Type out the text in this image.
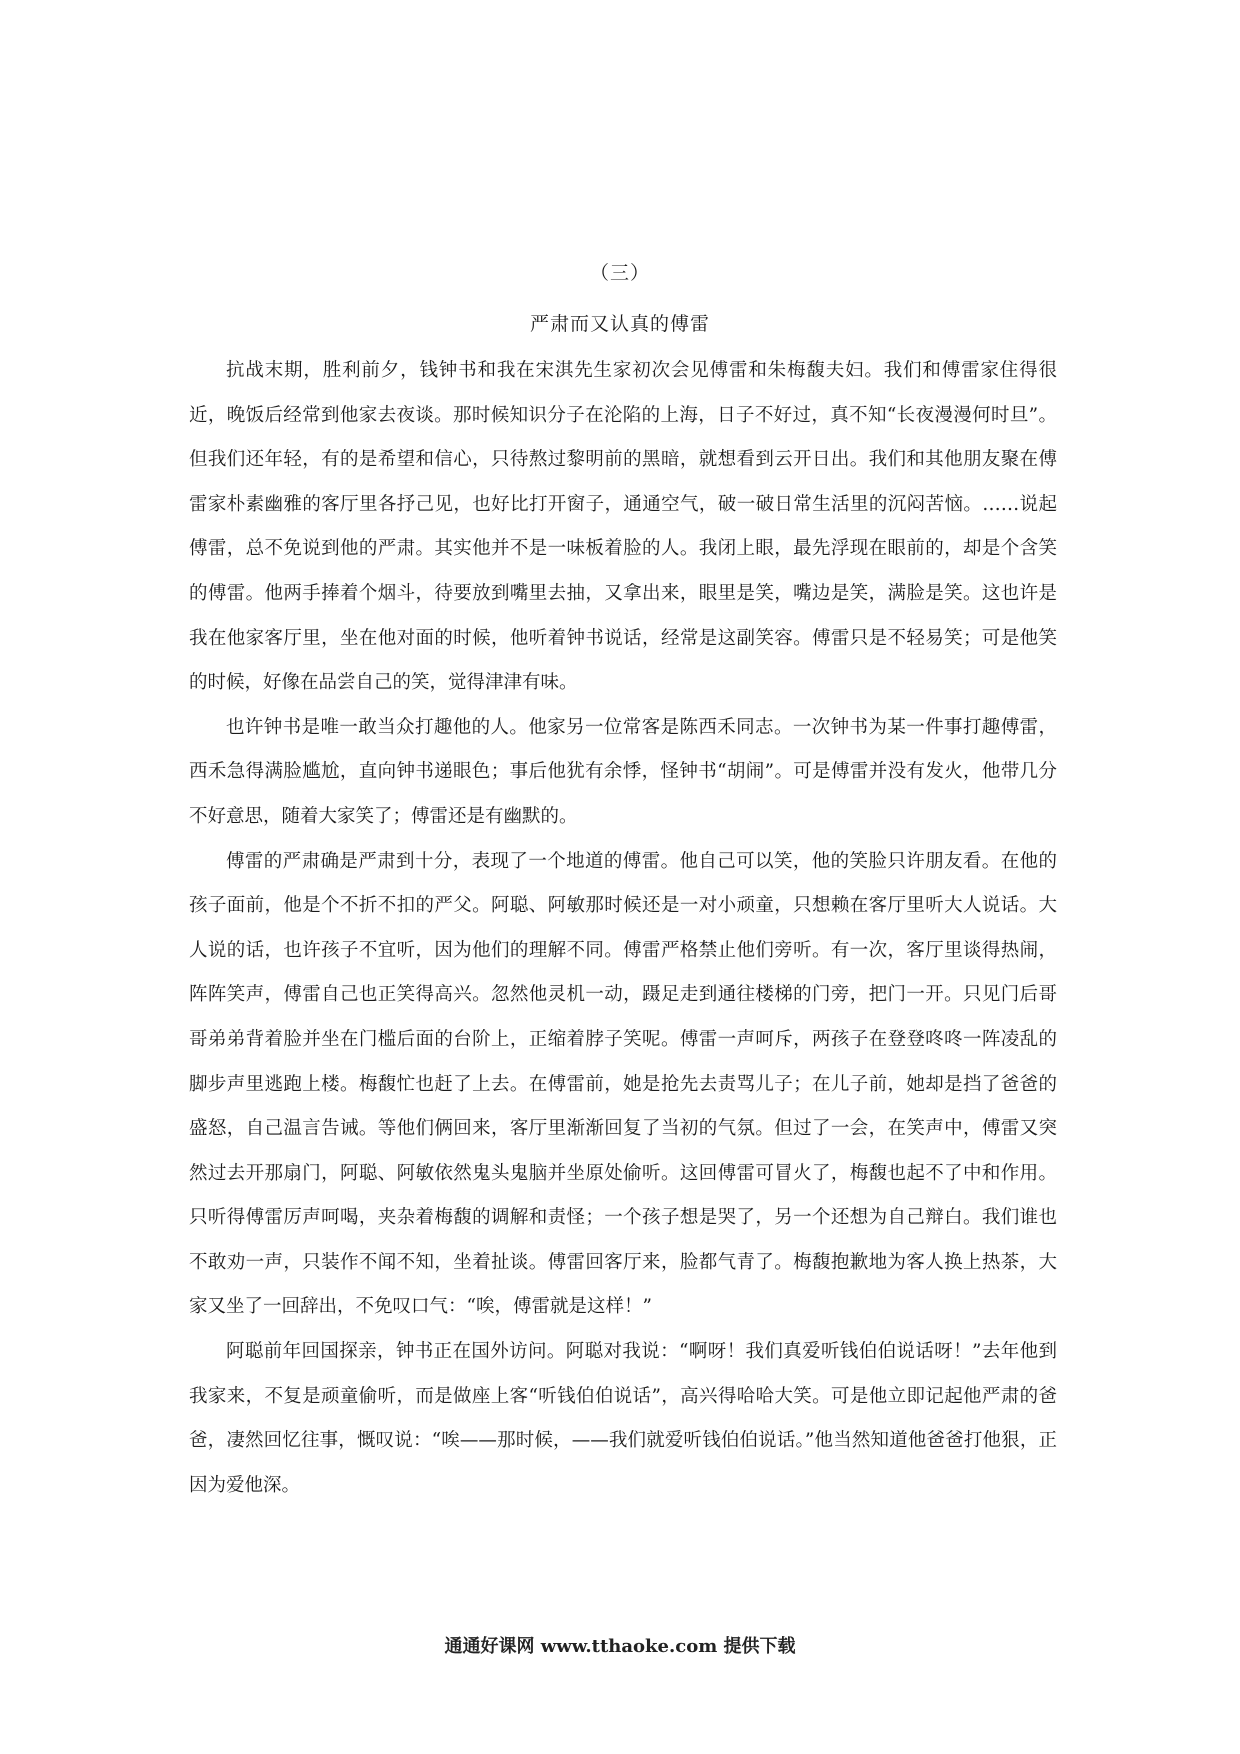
（三）
严肃而又认真的傅雷

抗战末期，胜利前夕，钱钟书和我在宋淇先生家初次会见傅雷和朱梅馥夫妇。我们和傅雷家住得很近，晚饭后经常到他家去夜谈。那时候知识分子在沦陷的上海，日子不好过，真不知“长夜漫漫何时旦”。但我们还年轻，有的是希望和信心，只待熬过黎明前的黑暗，就想看到云开日出。我们和其他朋友聚在傅雷家朴素幽雅的客厅里各抒己见，也好比打开窗子，通通空气，破一破日常生活里的沉闷苦恼。……说起傅雷，总不免说到他的严肃。其实他并不是一味板着脸的人。我闭上眼，最先浮现在眼前的，却是个含笑的傅雷。他两手捧着个烟斗，待要放到嘴里去抽，又拿出来，眼里是笑，嘴边是笑，满脸是笑。这也许是我在他家客厅里，坐在他对面的时候，他听着钟书说话，经常是这副笑容。傅雷只是不轻易笑；可是他笑的时候，好像在品尝自己的笑，觉得津津有味。

也许钟书是唯一敢当众打趣他的人。他家另一位常客是陈西禾同志。一次钟书为某一件事打趣傅雷，西禾急得满脸尴尬，直向钟书递眼色；事后他犹有余悸，怪钟书“胡闹”。可是傅雷并没有发火，他带几分不好意思，随着大家笑了；傅雷还是有幽默的。

傅雷的严肃确是严肃到十分，表现了一个地道的傅雷。他自己可以笑，他的笑脸只许朋友看。在他的孩子面前，他是个不折不扣的严父。阿聪、阿敏那时候还是一对小顽童，只想赖在客厅里听大人说话。大人说的话，也许孩子不宜听，因为他们的理解不同。傅雷严格禁止他们旁听。有一次，客厅里谈得热闹，阵阵笑声，傅雷自己也正笑得高兴。忽然他灵机一动，蹑足走到通往楼梯的门旁，把门一开。只见门后哥哥弟弟背着脸并坐在门槛后面的台阶上，正缩着脖子笑呢。傅雷一声呵斥，两孩子在登登咚咚一阵凌乱的脚步声里逃跑上楼。梅馥忙也赶了上去。在傅雷前，她是抢先去责骂儿子；在儿子前，她却是挡了爸爸的盛怒，自己温言告诫。等他们俩回来，客厅里渐渐回复了当初的气氛。但过了一会，在笑声中，傅雷又突然过去开那扇门，阿聪、阿敏依然鬼头鬼脑并坐原处偷听。这回傅雷可冒火了，梅馥也起不了中和作用。只听得傅雷厉声呵喝，夹杂着梅馥的调解和责怪；一个孩子想是哭了，另一个还想为自己辩白。我们谁也不敢劝一声，只装作不闻不知，坐着扯谈。傅雷回客厅来，脸都气青了。梅馥抱歉地为客人换上热茶，大家又坐了一回辞出，不免叹口气：“唉，傅雷就是这样！”

阿聪前年回国探亲，钟书正在国外访问。阿聪对我说：“啊呀！我们真爱听钱伯伯说话呀！”去年他到我家来，不复是顽童偷听，而是做座上客“听钱伯伯说话”，高兴得哈哈大笑。可是他立即记起他严肃的爸爸，凄然回忆往事，慨叹说：“唉——那时候，——我们就爱听钱伯伯说话。”他当然知道他爸爸打他狠，正因为爱他深。

通通好课网 www.tthaoke.com 提供下载
